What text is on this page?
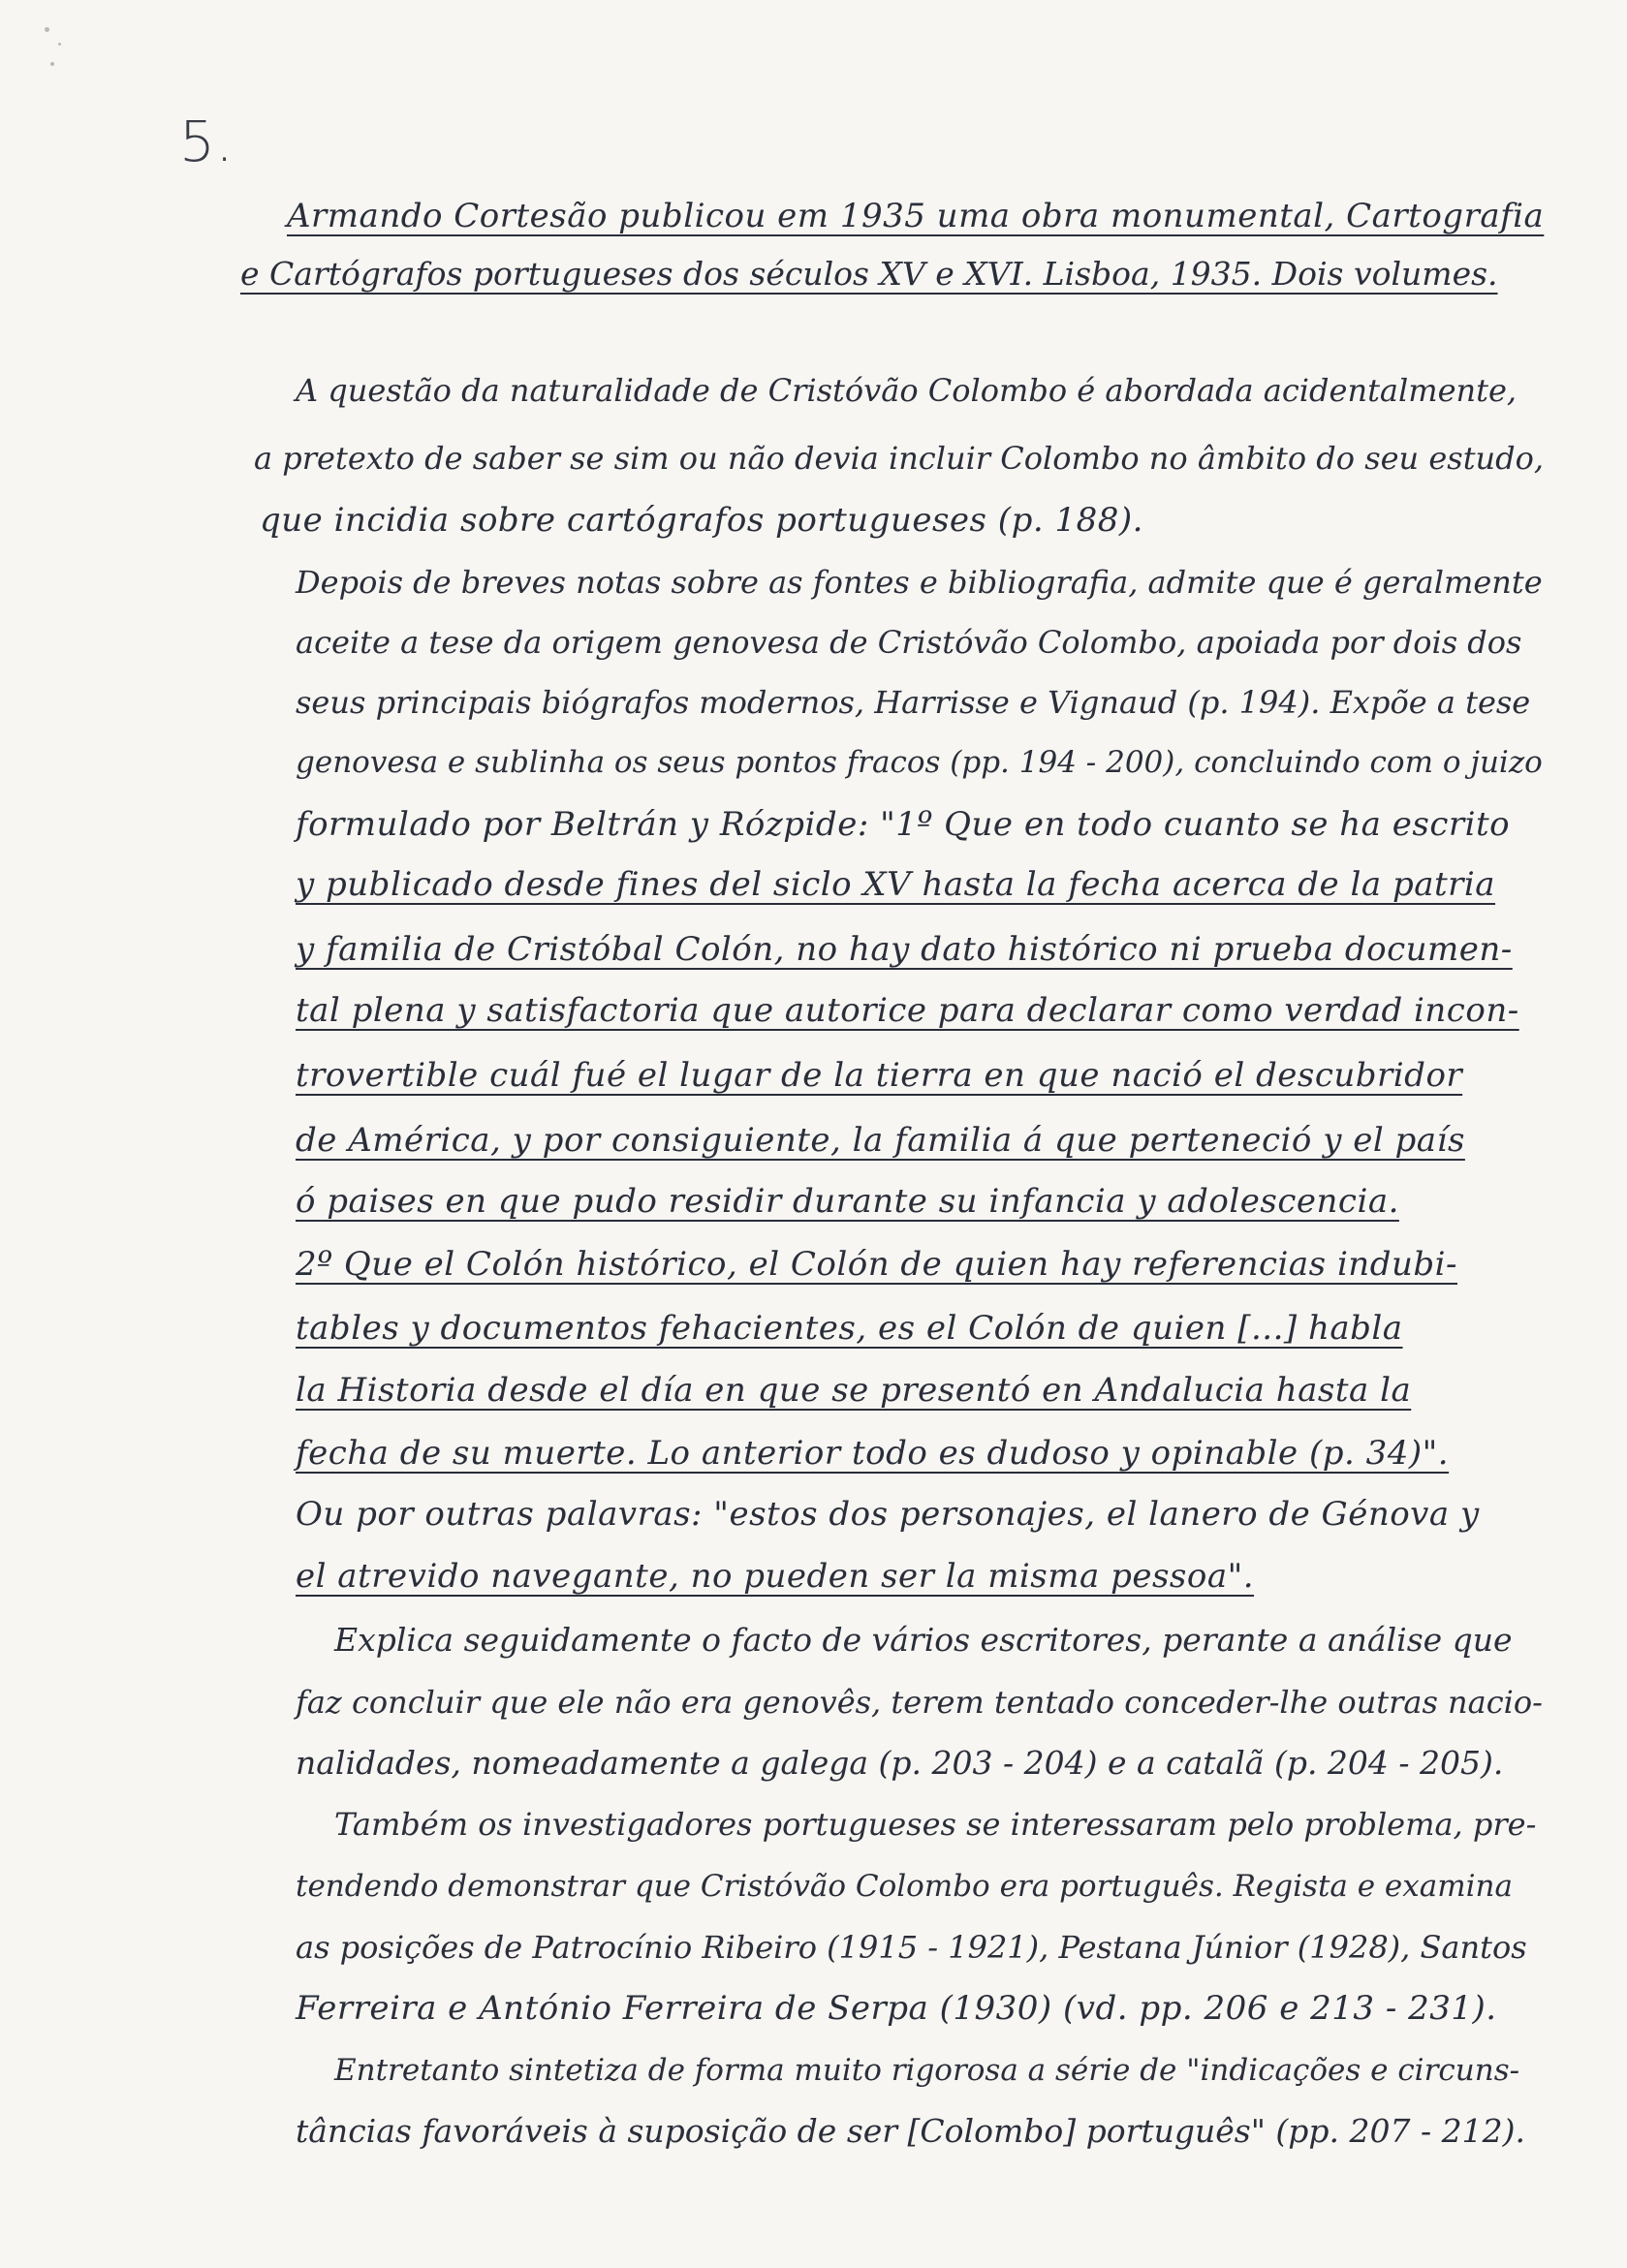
5.
Armando Cortesão publicou em 1935 uma obra monumental, Cartografia
e Cartógrafos portugueses dos séculos XV e XVI. Lisboa, 1935. Dois volumes.
A questão da naturalidade de Cristóvão Colombo é abordada acidentalmente,
a pretexto de saber se sim ou não devia incluir Colombo no âmbito do seu estudo,
que incidia sobre cartógrafos portugueses (p. 188).
Depois de breves notas sobre as fontes e bibliografia, admite que é geralmente
aceite a tese da origem genovesa de Cristóvão Colombo, apoiada por dois dos
seus principais biógrafos modernos, Harrisse e Vignaud (p. 194). Expõe a tese
genovesa e sublinha os seus pontos fracos (pp. 194 - 200), concluindo com o juizo
formulado por Beltrán y Rózpide: "1º Que en todo cuanto se ha escrito
y publicado desde fines del siclo XV hasta la fecha acerca de la patria
y familia de Cristóbal Colón, no hay dato histórico ni prueba documen-
tal plena y satisfactoria que autorice para declarar como verdad incon-
trovertible cuál fué el lugar de la tierra en que nació el descubridor
de América, y por consiguiente, la familia á que perteneció y el país
ó paises en que pudo residir durante su infancia y adolescencia.
2º Que el Colón histórico, el Colón de quien hay referencias indubi-
tables y documentos fehacientes, es el Colón de quien [...] habla
la Historia desde el día en que se presentó en Andalucia hasta la
fecha de su muerte. Lo anterior todo es dudoso y opinable (p. 34)".
Ou por outras palavras: "estos dos personajes, el lanero de Génova y
el atrevido navegante, no pueden ser la misma pessoa".
Explica seguidamente o facto de vários escritores, perante a análise que
faz concluir que ele não era genovês, terem tentado conceder-lhe outras nacio-
nalidades, nomeadamente a galega (p. 203 - 204) e a catalã (p. 204 - 205).
Também os investigadores portugueses se interessaram pelo problema, pre-
tendendo demonstrar que Cristóvão Colombo era português. Regista e examina
as posições de Patrocínio Ribeiro (1915 - 1921), Pestana Júnior (1928), Santos
Ferreira e António Ferreira de Serpa (1930) (vd. pp. 206 e 213 - 231).
Entretanto sintetiza de forma muito rigorosa a série de "indicações e circuns-
tâncias favoráveis à suposição de ser [Colombo] português" (pp. 207 - 212).
